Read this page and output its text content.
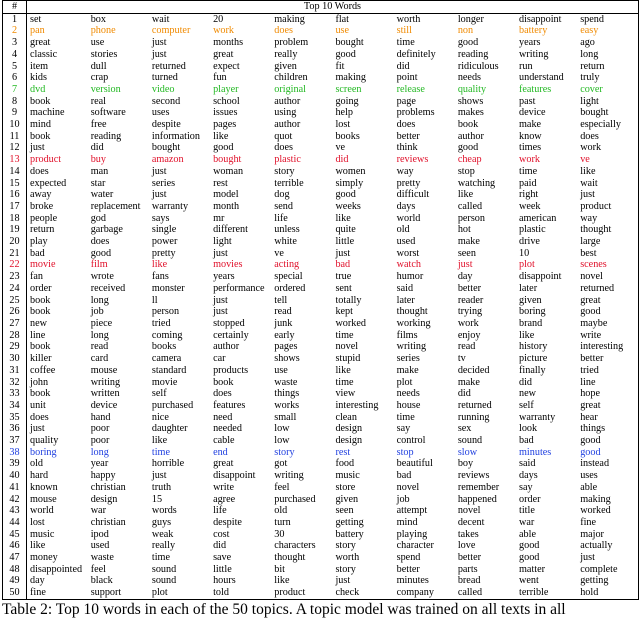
#	Top 10 Words									
1	set	box	wait	20	making	flat	worth	longer	disappoint	spend
2	pan	phone	computer	work	does	use	still	non	battery	easy
3	great	use	just	months	problem	bought	time	good	years	ago
4	classic	stories	just	great	really	good	definitely	reading	writing	long
5	item	dull	returned	expect	given	fit	did	ridiculous	run	return
6	kids	crap	turned	fun	children	making	point	needs	understand	truly
7	dvd	version	video	player	original	screen	release	quality	features	cover
8	book	real	second	school	author	going	page	shows	past	light
9	machine	software	uses	issues	using	help	problems	makes	device	bought
10	mind	free	despite	pages	author	lost	does	book	make	especially
11	book	reading	information	like	quot	books	better	author	know	does
12	just	did	bought	good	does	ve	think	good	times	work
13	product	buy	amazon	bought	plastic	did	reviews	cheap	work	ve
14	does	man	just	woman	story	women	way	stop	time	like
15	expected	star	series	rest	terrible	simply	pretty	watching	paid	wait
16	away	water	just	model	dog	good	difficult	like	right	just
17	broke	replacement	warranty	month	send	weeks	days	called	week	product
18	people	god	says	mr	life	like	world	person	american	way
19	return	garbage	single	different	unless	quite	old	hot	plastic	thought
20	play	does	power	light	white	little	used	make	drive	large
21	bad	good	pretty	just	ve	just	worst	seen	10	best
22	movie	film	like	movies	acting	bad	watch	just	plot	scenes
23	fan	wrote	fans	years	special	true	humor	day	disappoint	novel
24	order	received	monster	performance	ordered	sent	said	better	later	returned
25	book	long	ll	just	tell	totally	later	reader	given	great
26	book	job	person	just	read	kept	thought	trying	boring	good
27	new	piece	tried	stopped	junk	worked	working	work	brand	maybe
28	line	long	coming	certainly	early	time	films	enjoy	like	write
29	book	read	books	author	pages	novel	writing	read	history	interesting
30	killer	card	camera	car	shows	stupid	series	tv	picture	better
31	coffee	mouse	standard	products	use	like	make	decided	finally	tried
32	john	writing	movie	book	waste	time	plot	make	did	line
33	book	written	self	does	things	view	needs	did	new	hope
34	unit	device	purchased	features	works	interesting	house	returned	self	great
35	does	hand	nice	need	small	clean	time	running	warranty	hear
36	just	poor	daughter	needed	low	design	say	sex	look	things
37	quality	poor	like	cable	low	design	control	sound	bad	good
38	boring	long	time	end	story	rest	stop	slow	minutes	good
39	old	year	horrible	great	got	food	beautiful	boy	said	instead
40	hard	happy	just	disappoint	writing	music	bad	reviews	days	uses
41	known	christian	truth	write	feel	store	novel	remember	say	able
42	mouse	design	15	agree	purchased	given	job	happened	order	making
43	world	war	words	life	old	seen	attempt	novel	title	worked
44	lost	christian	guys	despite	turn	getting	mind	decent	war	fine
45	music	ipod	weak	cost	30	battery	playing	takes	able	major
46	like	used	really	did	characters	story	character	love	good	actually
47	money	waste	time	save	thought	worth	spend	better	good	just
48	disappointed	feel	sound	little	bit	story	better	parts	matter	complete
49	day	black	sound	hours	like	just	minutes	bread	went	getting
50	fine	support	plot	told	product	check	company	called	terrible	hold
Table 2: Top 10 words in each of the 50 topics. A topic model was trained on all texts in all
